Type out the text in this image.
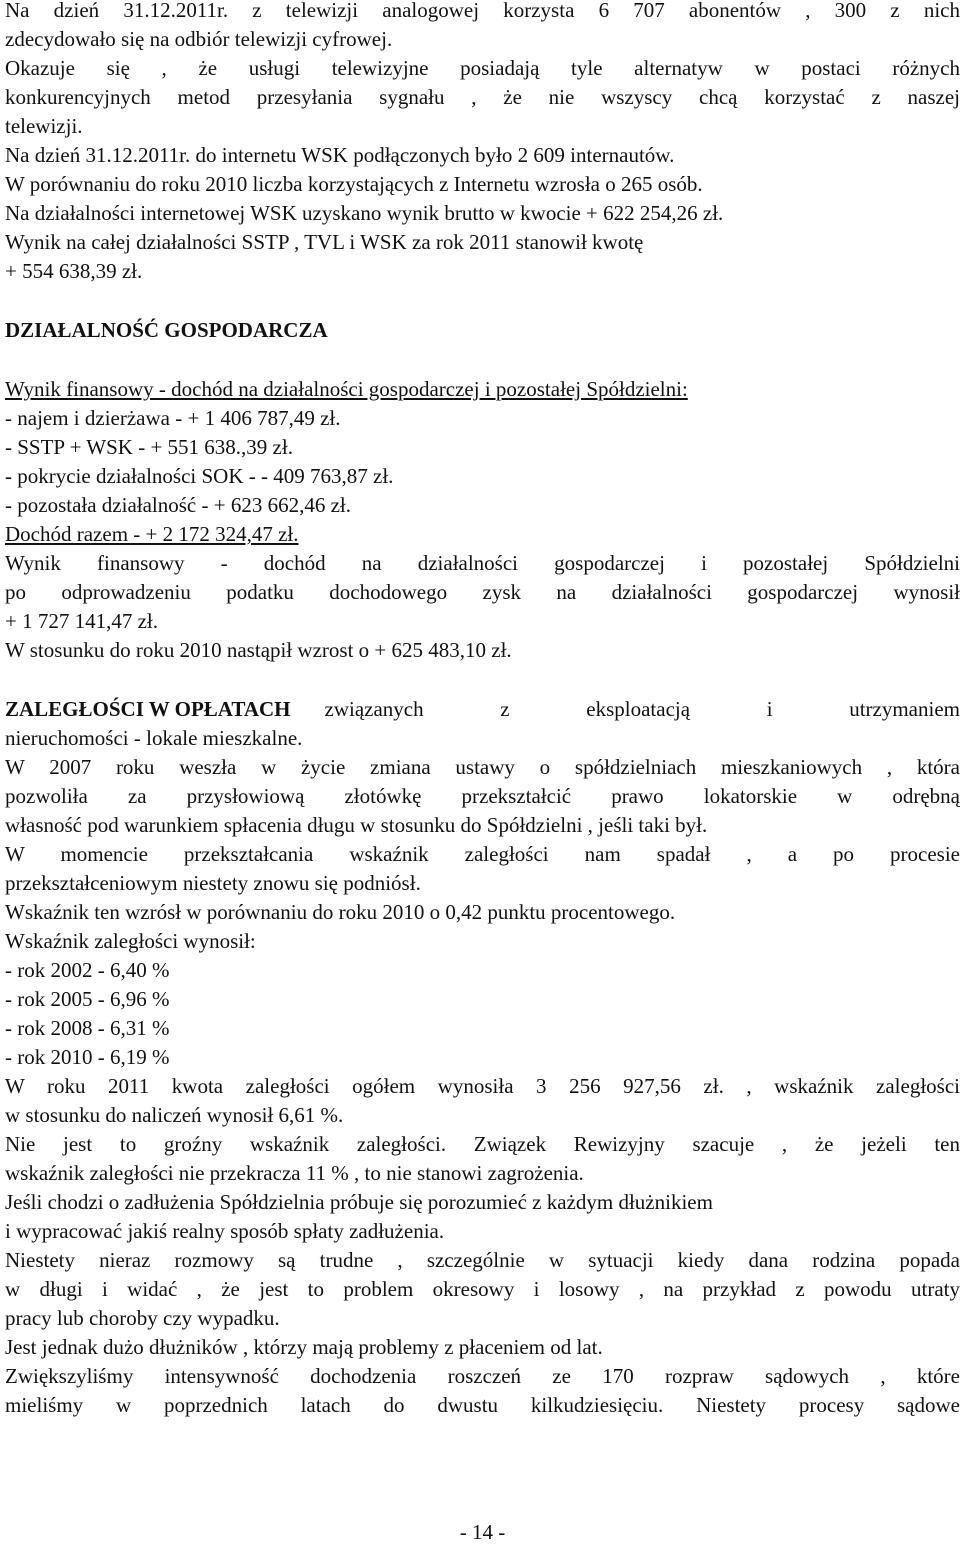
Na dzień 31.12.2011r. z telewizji analogowej korzysta 6 707 abonentów , 300 z nich
zdecydowało się na odbiór telewizji cyfrowej.
Okazuje się , że usługi telewizyjne posiadają tyle alternatyw w postaci różnych
konkurencyjnych metod przesyłania sygnału , że nie wszyscy chcą korzystać z naszej
telewizji.
Na dzień 31.12.2011r. do internetu WSK podłączonych było 2 609 internautów.
W porównaniu do roku 2010 liczba korzystających z Internetu wzrosła o 265 osób.
Na działalności internetowej WSK uzyskano wynik brutto w kwocie + 622 254,26 zł.
Wynik na całej działalności SSTP , TVL i WSK za rok 2011 stanowił kwotę
+ 554 638,39 zł.
DZIAŁALNOŚĆ GOSPODARCZA
Wynik finansowy - dochód na działalności gospodarczej i pozostałej Spółdzielni:
- najem i dzierżawa - + 1 406 787,49 zł.
- SSTP + WSK - + 551 638.,39 zł.
- pokrycie działalności SOK - - 409 763,87 zł.
- pozostała działalność - + 623 662,46 zł.
Dochód razem - + 2 172 324,47 zł.
Wynik finansowy - dochód na działalności gospodarczej i pozostałej Spółdzielni
po odprowadzeniu podatku dochodowego zysk na działalności gospodarczej wynosił
+ 1 727 141,47 zł.
W stosunku do roku 2010 nastąpił wzrost o + 625 483,10 zł.
ZALEGŁOŚCI W OPŁATACH związanych z eksploatacją i utrzymaniem
nieruchomości - lokale mieszkalne.
W 2007 roku weszła w życie zmiana ustawy o spółdzielniach mieszkaniowych , która
pozwoliła za przysłowiową złotówkę przekształcić prawo lokatorskie w odrębną
własność pod warunkiem spłacenia długu w stosunku do Spółdzielni , jeśli taki był.
W momencie przekształcania wskaźnik zaległości nam spadał , a po procesie
przekształceniowym niestety znowu się podniósł.
Wskaźnik ten wzrósł w porównaniu do roku 2010 o 0,42 punktu procentowego.
Wskaźnik zaległości wynosił:
- rok 2002 - 6,40 %
- rok 2005 - 6,96 %
- rok 2008 - 6,31 %
- rok 2010 - 6,19 %
W roku 2011 kwota zaległości ogółem wynosiła 3 256 927,56 zł. , wskaźnik zaległości
w stosunku do naliczeń wynosił 6,61 %.
Nie jest to groźny wskaźnik zaległości. Związek Rewizyjny szacuje , że jeżeli ten
wskaźnik zaległości nie przekracza 11 % , to nie stanowi zagrożenia.
Jeśli chodzi o zadłużenia Spółdzielnia próbuje się porozumieć z każdym dłużnikiem
i wypracować jakiś realny sposób spłaty zadłużenia.
Niestety nieraz rozmowy są trudne , szczególnie w sytuacji kiedy dana rodzina popada
w długi i widać , że jest to problem okresowy i losowy , na przykład z powodu utraty
pracy lub choroby czy wypadku.
Jest jednak dużo dłużników , którzy mają problemy z płaceniem od lat.
Zwiększyliśmy intensywność dochodzenia roszczeń ze 170 rozpraw sądowych , które
mieliśmy w poprzednich latach do dwustu kilkudziesięciu. Niestety procesy sądowe
- 14 -
